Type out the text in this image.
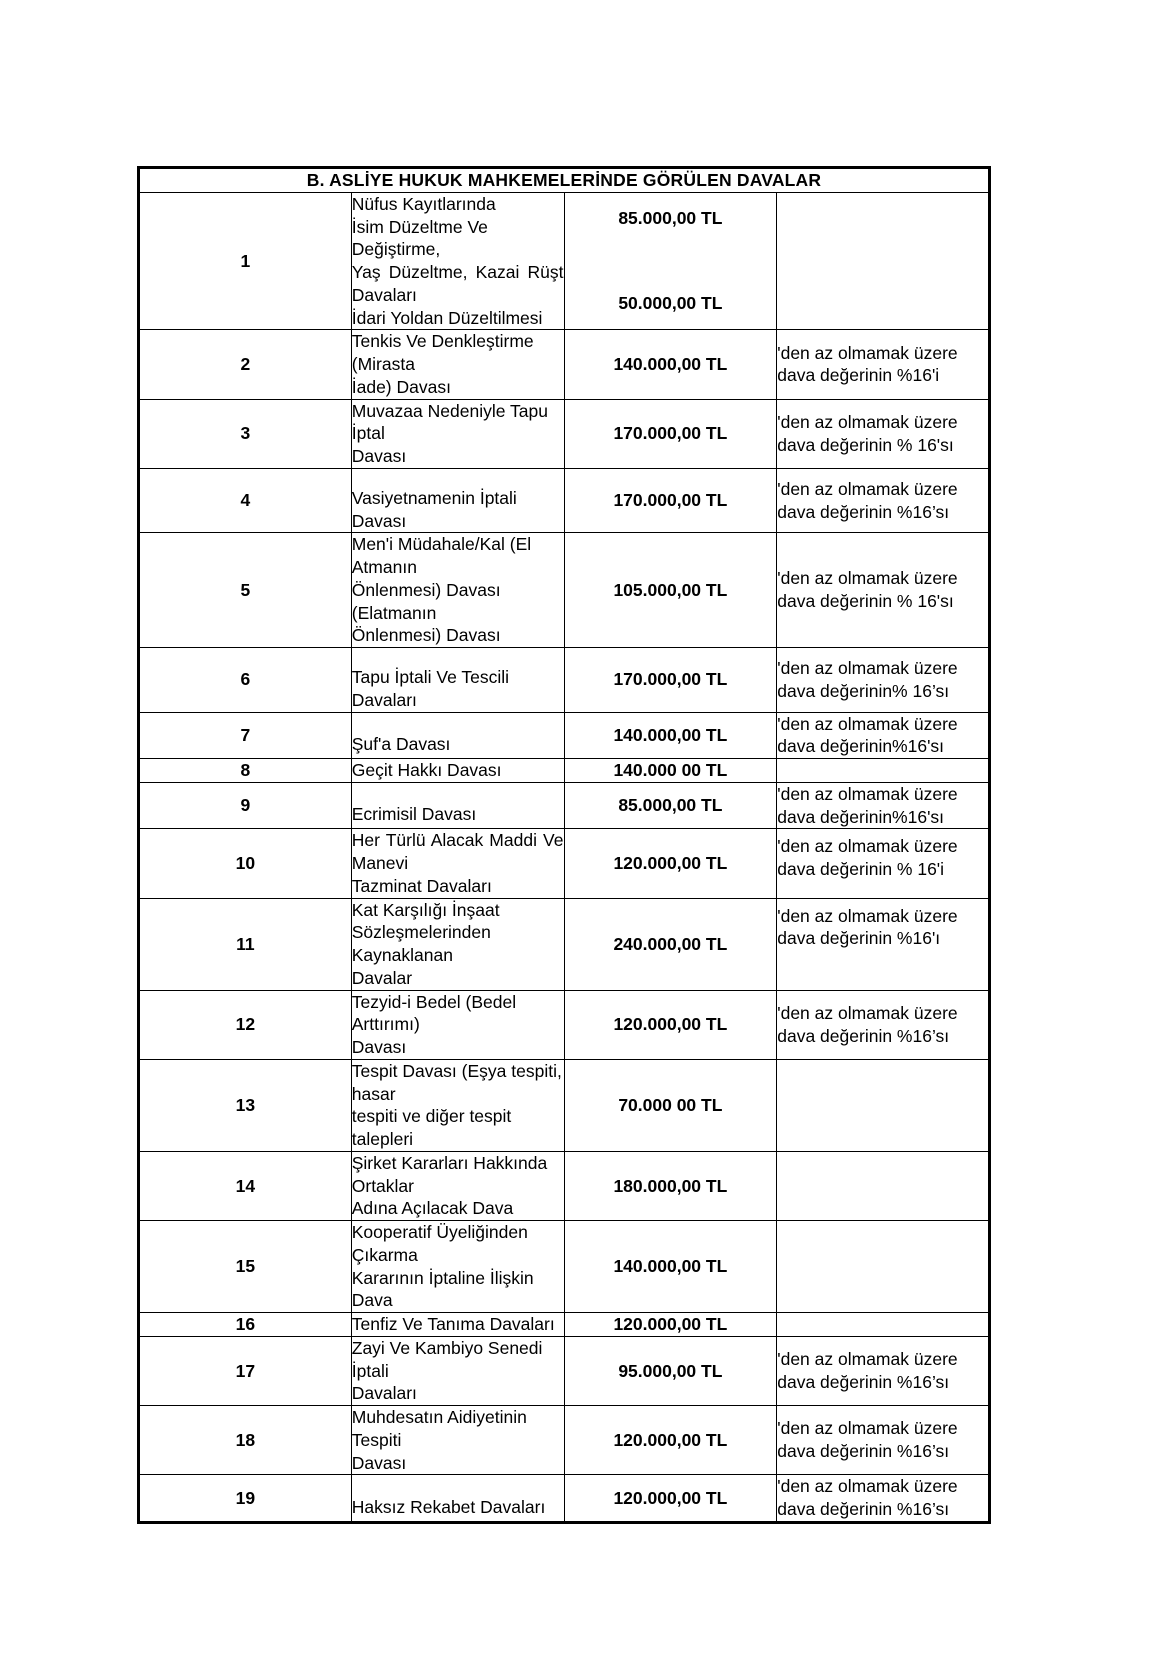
B. ASLİYE HUKUK MAHKEMELERİNDE GÖRÜLEN DAVALAR			
1	Nüfus Kayıtlarında
İsim Düzeltme Ve Değiştirme,
Yaş Düzeltme, Kazai Rüşt
Davaları
İdari Yoldan Düzeltilmesi	85.000,00 TL
50.000,00 TL	

2	Tenkis Ve Denkleştirme (Mirasta
İade) Davası	140.000,00 TL	'den az olmamak üzere dava değerinin %16'i
3	Muvazaa Nedeniyle Tapu İptal
Davası	170.000,00 TL	'den az olmamak üzere dava değerinin % 16'sı
4	Vasiyetnamenin İptali Davası	170.000,00 TL	'den az olmamak üzere dava değerinin %16’sı
5	Men'i Müdahale/Kal (El Atmanın
Önlenmesi) Davası (Elatmanın
Önlenmesi) Davası	105.000,00 TL	'den az olmamak üzere dava değerinin % 16'sı
6	Tapu İptali Ve Tescili Davaları	170.000,00 TL	'den az olmamak üzere dava değerinin% 16’sı
7	Şuf'a Davası	140.000,00 TL	'den az olmamak üzere dava değerinin%16'sı
8	Geçit Hakkı Davası	140.000 00 TL	
9	Ecrimisil Davası	85.000,00 TL	'den az olmamak üzere dava değerinin%16'sı
10	Her Türlü Alacak Maddi Ve
Manevi
Tazminat Davaları	120.000,00 TL	'den az olmamak üzere dava değerinin % 16'i
11	Kat Karşılığı İnşaat
Sözleşmelerinden Kaynaklanan
Davalar	240.000,00 TL	'den az olmamak üzere dava değerinin %16'ı
12	Tezyid-i Bedel (Bedel Arttırımı)
Davası	120.000,00 TL	'den az olmamak üzere dava değerinin %16’sı
13	Tespit Davası (Eşya tespiti, hasar
tespiti ve diğer tespit talepleri	70.000 00 TL	
14	Şirket Kararları Hakkında Ortaklar
Adına Açılacak Dava	180.000,00 TL	
15	Kooperatif Üyeliğinden Çıkarma
Kararının İptaline İlişkin Dava	140.000,00 TL	
16	Tenfiz Ve Tanıma Davaları	120.000,00 TL	
17	Zayi Ve Kambiyo Senedi İptali
Davaları	95.000,00 TL	'den az olmamak üzere dava değerinin %16’sı
18	Muhdesatın Aidiyetinin Tespiti
Davası	120.000,00 TL	'den az olmamak üzere dava değerinin %16’sı
19	Haksız Rekabet Davaları	120.000,00 TL	'den az olmamak üzere dava değerinin %16’sı
